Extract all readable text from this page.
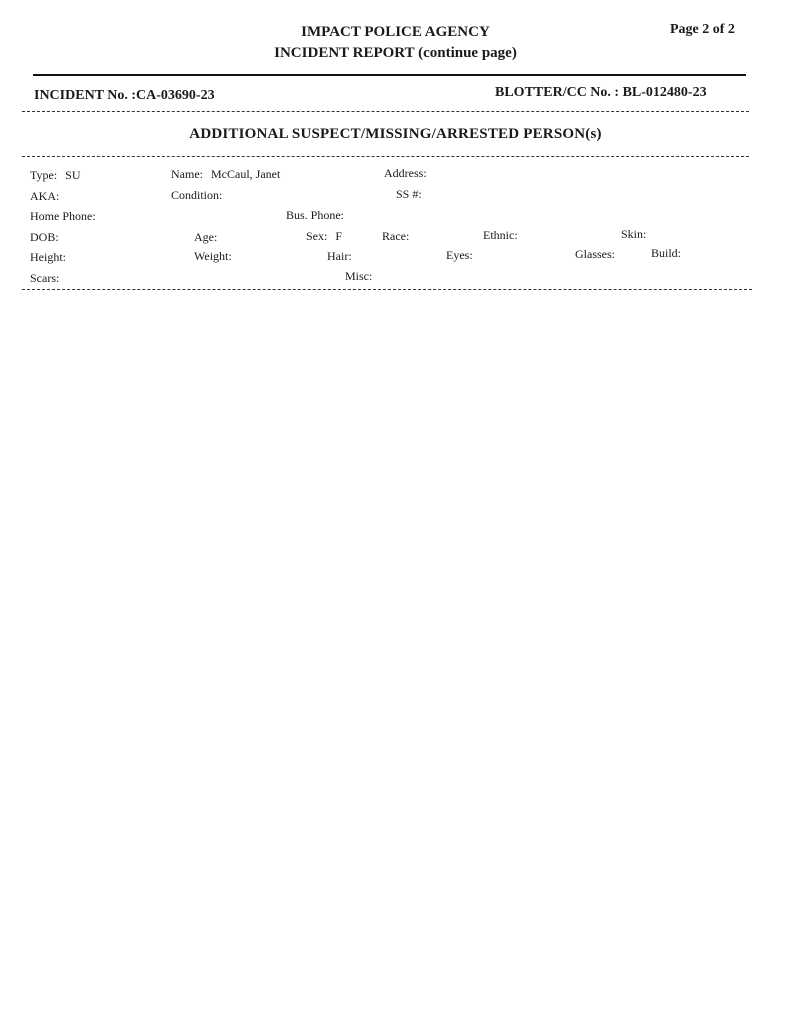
IMPACT POLICE AGENCY
INCIDENT REPORT (continue page)
Page 2 of 2
INCIDENT No. :CA-03690-23	BLOTTER/CC No. : BL-012480-23
ADDITIONAL SUSPECT/MISSING/ARRESTED PERSON(s)
Type: SU	Name: McCaul, Janet	Address:
AKA:	Condition:	SS #:
Home Phone:	Bus. Phone:
DOB:	Age:	Sex: F	Race:	Ethnic:	Skin:
Height:	Weight:	Hair:	Eyes:	Glasses:	Build:
Scars:	Misc:
